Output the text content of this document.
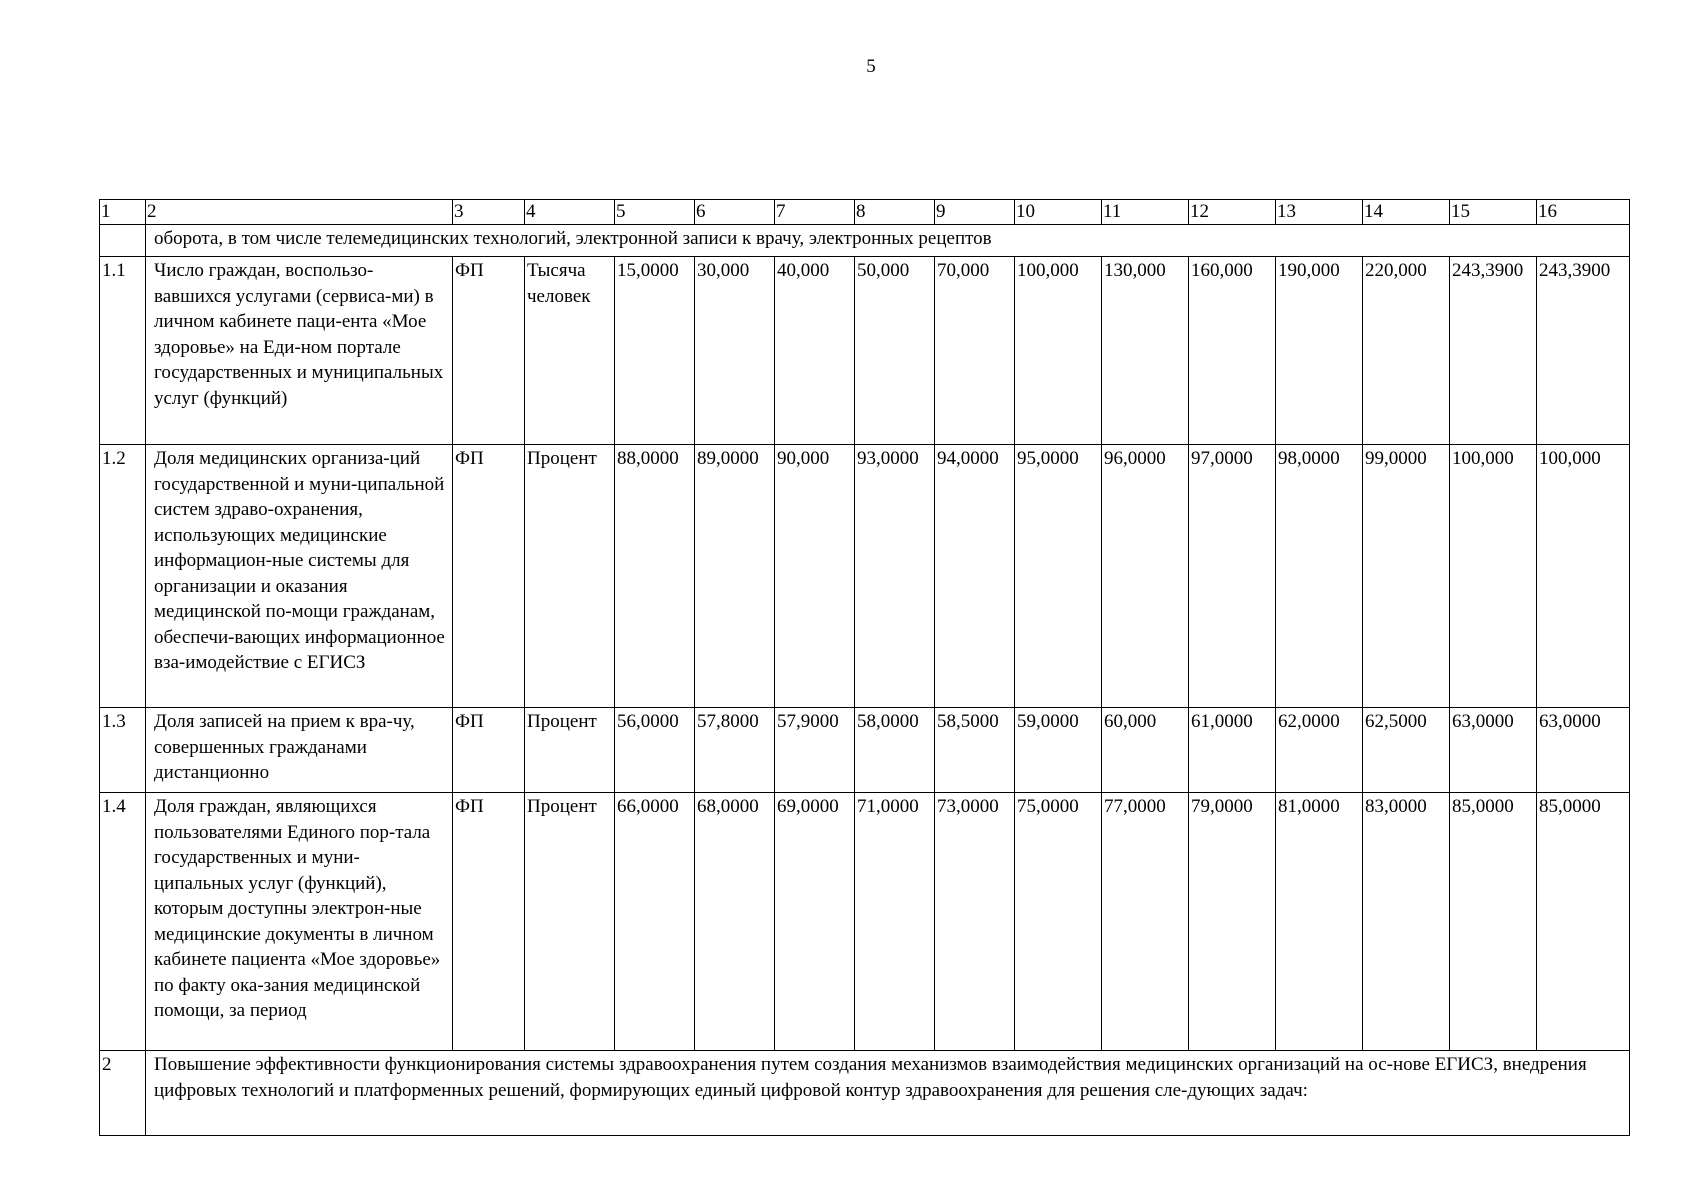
5
1	2	3	4	5	6	7	8	9	10	11	12	13	14	15	16
	оборота, в том числе телемедицинских технологий, электронной записи к врачу, электронных рецептов														
1.1	Число граждан, воспользо-вавшихся услугами (сервиса-ми) в личном кабинете паци-ента «Мое здоровье» на Еди-ном портале государственных и муниципальных услуг (функций)	ФП	Тысяча человек	15,0000	30,000	40,000	50,000	70,000	100,000	130,000	160,000	190,000	220,000	243,3900	243,3900
1.2	Доля медицинских организа-ций государственной и муни-ципальной систем здраво-охранения, использующих медицинские информацион-ные системы для организации и оказания медицинской по-мощи гражданам, обеспечи-вающих информационное вза-имодействие с ЕГИСЗ	ФП	Процент	88,0000	89,0000	90,000	93,0000	94,0000	95,0000	96,0000	97,0000	98,0000	99,0000	100,000	100,000
1.3	Доля записей на прием к вра-чу, совершенных гражданами дистанционно	ФП	Процент	56,0000	57,8000	57,9000	58,0000	58,5000	59,0000	60,000	61,0000	62,0000	62,5000	63,0000	63,0000
1.4	Доля граждан, являющихся пользователями Единого пор-тала государственных и муни-ципальных услуг (функций), которым доступны электрон-ные медицинские документы в личном кабинете пациента «Мое здоровье» по факту ока-зания медицинской помощи, за период	ФП	Процент	66,0000	68,0000	69,0000	71,0000	73,0000	75,0000	77,0000	79,0000	81,0000	83,0000	85,0000	85,0000
2	Повышение эффективности функционирования системы здравоохранения путем создания механизмов взаимодействия медицинских организаций на ос-нове ЕГИСЗ, внедрения цифровых технологий и платформенных решений, формирующих единый цифровой контур здравоохранения для решения сле-дующих задач:														
